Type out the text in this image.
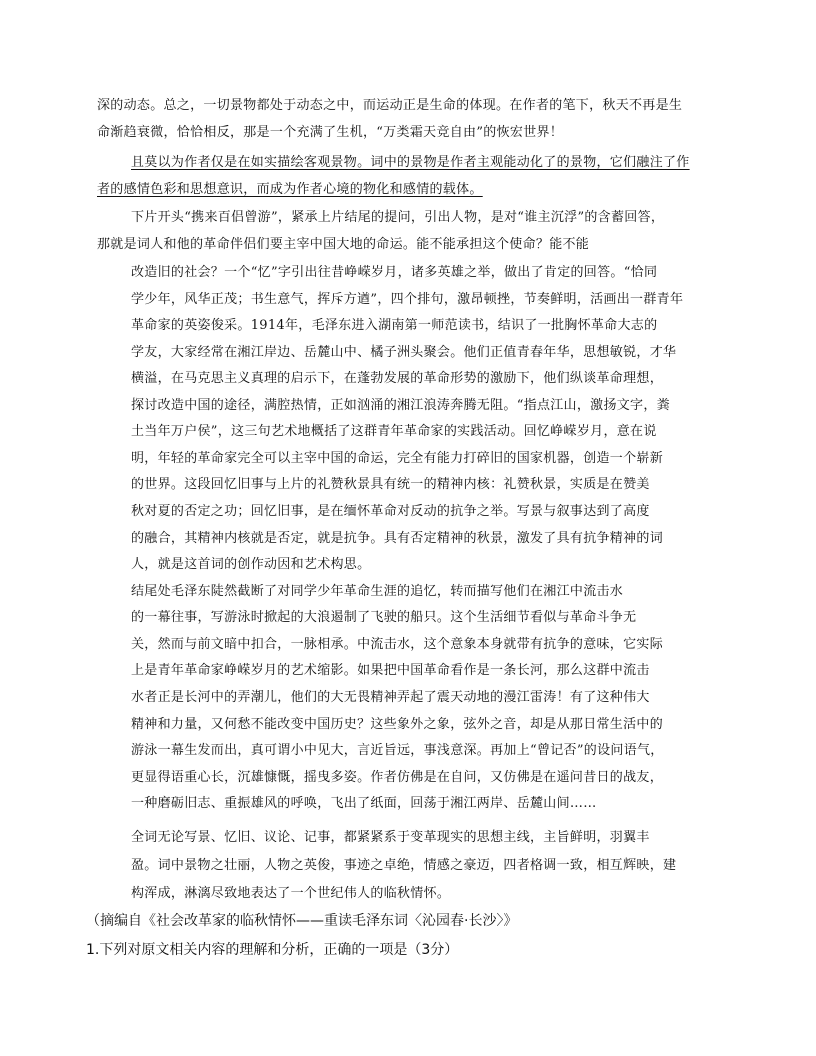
深的动态。总之，一切景物都处于动态之中，而运动正是生命的体现。在作者的笔下，秋天不再是生
命渐趋衰微，恰恰相反，那是一个充满了生机，“万类霜天竞自由”的恢宏世界！
且莫以为作者仅是在如实描绘客观景物。词中的景物是作者主观能动化了的景物，它们融注了作
者的感情色彩和思想意识，而成为作者心境的物化和感情的载体。
下片开头“携来百侣曾游”，紧承上片结尾的提问，引出人物，是对“谁主沉浮”的含蓄回答，
那就是词人和他的革命伴侣们要主宰中国大地的命运。能不能承担这个使命？能不能
改造旧的社会？一个“忆”字引出往昔峥嵘岁月，诸多英雄之举，做出了肯定的回答。“恰同
学少年，风华正茂；书生意气，挥斥方遒”，四个排句，激昂顿挫，节奏鲜明，活画出一群青年
革命家的英姿俊采。1914年，毛泽东进入湖南第一师范读书，结识了一批胸怀革命大志的
学友，大家经常在湘江岸边、岳麓山中、橘子洲头聚会。他们正值青春年华，思想敏锐，才华
横溢，在马克思主义真理的启示下，在蓬勃发展的革命形势的激励下，他们纵谈革命理想，
探讨改造中国的途径，满腔热情，正如汹涌的湘江浪涛奔腾无阻。“指点江山，激扬文字，粪
土当年万户侯”，这三句艺术地概括了这群青年革命家的实践活动。回忆峥嵘岁月，意在说
明，年轻的革命家完全可以主宰中国的命运，完全有能力打碎旧的国家机器，创造一个崭新
的世界。这段回忆旧事与上片的礼赞秋景具有统一的精神内核：礼赞秋景，实质是在赞美
秋对夏的否定之功；回忆旧事，是在缅怀革命对反动的抗争之举。写景与叙事达到了高度
的融合，其精神内核就是否定，就是抗争。具有否定精神的秋景，激发了具有抗争精神的词
人，就是这首词的创作动因和艺术构思。
结尾处毛泽东陡然截断了对同学少年革命生涯的追忆，转而描写他们在湘江中流击水
的一幕往事，写游泳时掀起的大浪遏制了飞驶的船只。这个生活细节看似与革命斗争无
关，然而与前文暗中扣合，一脉相承。中流击水，这个意象本身就带有抗争的意味，它实际
上是青年革命家峥嵘岁月的艺术缩影。如果把中国革命看作是一条长河，那么这群中流击
水者正是长河中的弄潮儿，他们的大无畏精神弄起了震天动地的漫江雷涛！有了这种伟大
精神和力量，又何愁不能改变中国历史？这些象外之象，弦外之音，却是从那日常生活中的
游泳一幕生发而出，真可谓小中见大，言近旨远，事浅意深。再加上“曾记否”的设问语气，
更显得语重心长，沉雄慷慨，摇曳多姿。作者仿佛是在自问，又仿佛是在遥问昔日的战友，
一种磨砺旧志、重振雄风的呼唤，飞出了纸面，回荡于湘江两岸、岳麓山间……
全词无论写景、忆旧、议论、记事，都紧紧系于变革现实的思想主线，主旨鲜明，羽翼丰
盈。词中景物之壮丽，人物之英俊，事迹之卓绝，情感之豪迈，四者格调一致，相互辉映，建
构浑成，淋漓尽致地表达了一个世纪伟人的临秋情怀。
（摘编自《社会改革家的临秋情怀——重读毛泽东词〈沁园春·长沙〉》
1.下列对原文相关内容的理解和分析，正确的一项是（3分）
